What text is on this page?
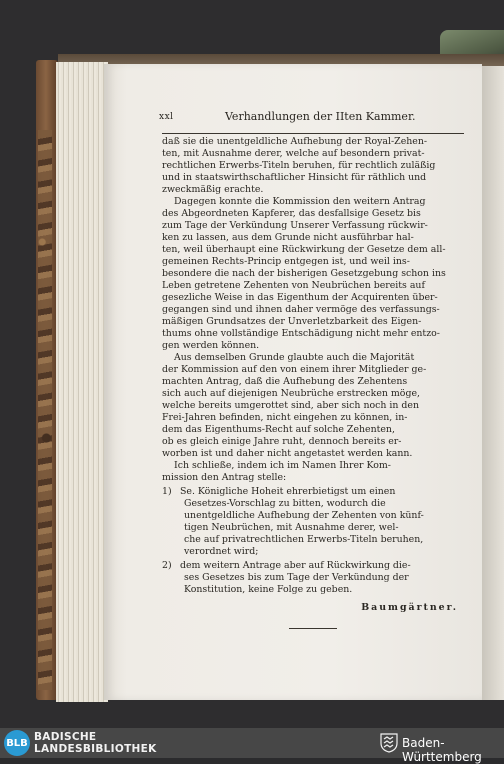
xxl	Verhandlungen der IIten Kammer.

daß sie die unentgeldliche Aufhebung der Royal-Zehen-
ten, mit Ausnahme derer, welche auf besondern privat-
rechtlichen Erwerbs-Titeln beruhen, für rechtlich zuläßig
und in staatswirthschaftlicher Hinsicht für räthlich und
zweckmäßig erachte.

Dagegen konnte die Kommission den weitern Antrag
des Abgeordneten Kapferer, das desfallsige Gesetz bis
zum Tage der Verkündung Unserer Verfassung rückwir-
ken zu lassen, aus dem Grunde nicht ausführbar hal-
ten, weil überhaupt eine Rückwirkung der Gesetze dem all-
gemeinen Rechts-Princip entgegen ist, und weil ins-
besondere die nach der bisherigen Gesetzgebung schon ins
Leben getretene Zehenten von Neubrüchen bereits auf
gesezliche Weise in das Eigenthum der Acquirenten über-
gegangen sind und ihnen daher vermöge des verfassungs-
mäßigen Grundsatzes der Unverletzbarkeit des Eigen-
thums ohne vollständige Entschädigung nicht mehr entzo-
gen werden können.

Aus demselben Grunde glaubte auch die Majorität
der Kommission auf den von einem ihrer Mitglieder ge-
machten Antrag, daß die Aufhebung des Zehentens
sich auch auf diejenigen Neubrüche erstrecken möge,
welche bereits umgerottet sind, aber sich noch in den
Frei-Jahren befinden, nicht eingehen zu können, in-
dem das Eigenthums-Recht auf solche Zehenten,
ob es gleich einige Jahre ruht, dennoch bereits er-
worben ist und daher nicht angetastet werden kann.

Ich schließe, indem ich im Namen Ihrer Kom-
mission den Antrag stelle:

1) Se. Königliche Hoheit ehrerbietigst um einen
Gesetzes-Vorschlag zu bitten, wodurch die
unentgeldliche Aufhebung der Zehenten von künf-
tigen Neubrüchen, mit Ausnahme derer, wel-
che auf privatrechtlichen Erwerbs-Titeln beruhen,
verordnet wird;
2) dem weitern Antrage aber auf Rückwirkung die-
ses Gesetzes bis zum Tage der Verkündung der
Konstitution, keine Folge zu geben.
Baumgärtner.
BLB BADISCHE
LANDESBIBLIOTHEK	Baden-Württemberg
